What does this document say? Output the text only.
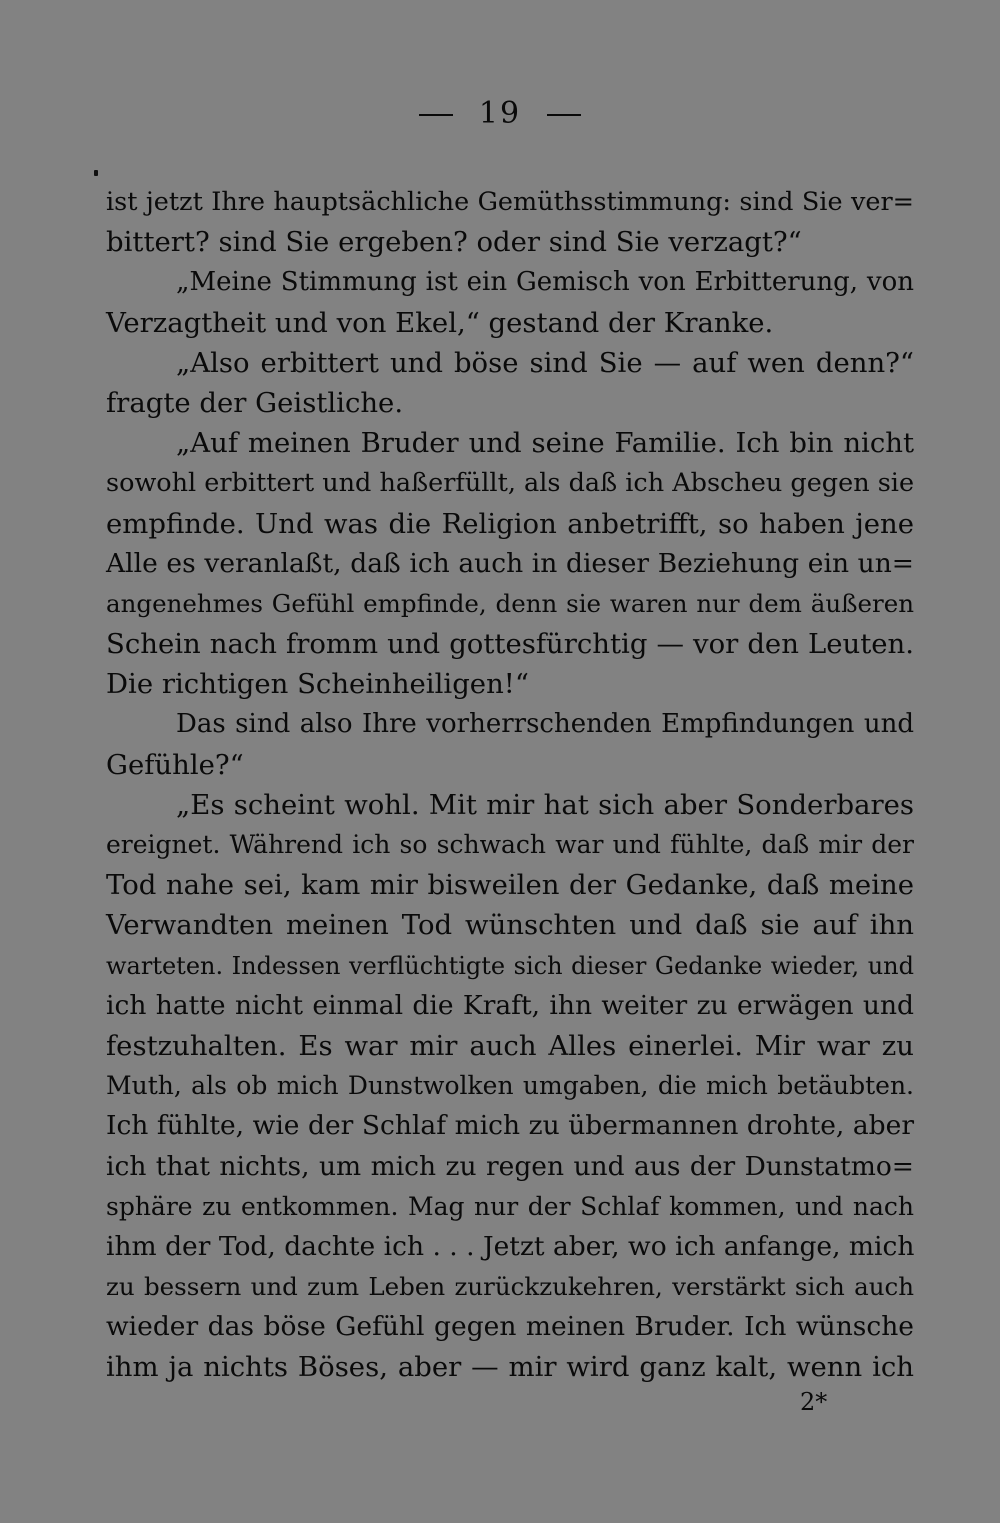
19
ist jetzt Ihre hauptsächliche Gemüthsstimmung: sind Sie ver=
bittert? sind Sie ergeben? oder sind Sie verzagt?“
„Meine Stimmung ist ein Gemisch von Erbitterung, von
Verzagtheit und von Ekel,“ gestand der Kranke.
„Also erbittert und böse sind Sie — auf wen denn?“
fragte der Geistliche.
„Auf meinen Bruder und seine Familie. Ich bin nicht
sowohl erbittert und haßerfüllt, als daß ich Abscheu gegen sie
empfinde. Und was die Religion anbetrifft, so haben jene
Alle es veranlaßt, daß ich auch in dieser Beziehung ein un=
angenehmes Gefühl empfinde, denn sie waren nur dem äußeren
Schein nach fromm und gottesfürchtig — vor den Leuten.
Die richtigen Scheinheiligen!“
Das sind also Ihre vorherrschenden Empfindungen und
Gefühle?“
„Es scheint wohl. Mit mir hat sich aber Sonderbares
ereignet. Während ich so schwach war und fühlte, daß mir der
Tod nahe sei, kam mir bisweilen der Gedanke, daß meine
Verwandten meinen Tod wünschten und daß sie auf ihn
warteten. Indessen verflüchtigte sich dieser Gedanke wieder, und
ich hatte nicht einmal die Kraft, ihn weiter zu erwägen und
festzuhalten. Es war mir auch Alles einerlei. Mir war zu
Muth, als ob mich Dunstwolken umgaben, die mich betäubten.
Ich fühlte, wie der Schlaf mich zu übermannen drohte, aber
ich that nichts, um mich zu regen und aus der Dunstatmo=
sphäre zu entkommen. Mag nur der Schlaf kommen, und nach
ihm der Tod, dachte ich . . . Jetzt aber, wo ich anfange, mich
zu bessern und zum Leben zurückzukehren, verstärkt sich auch
wieder das böse Gefühl gegen meinen Bruder. Ich wünsche
ihm ja nichts Böses, aber — mir wird ganz kalt, wenn ich
2*
